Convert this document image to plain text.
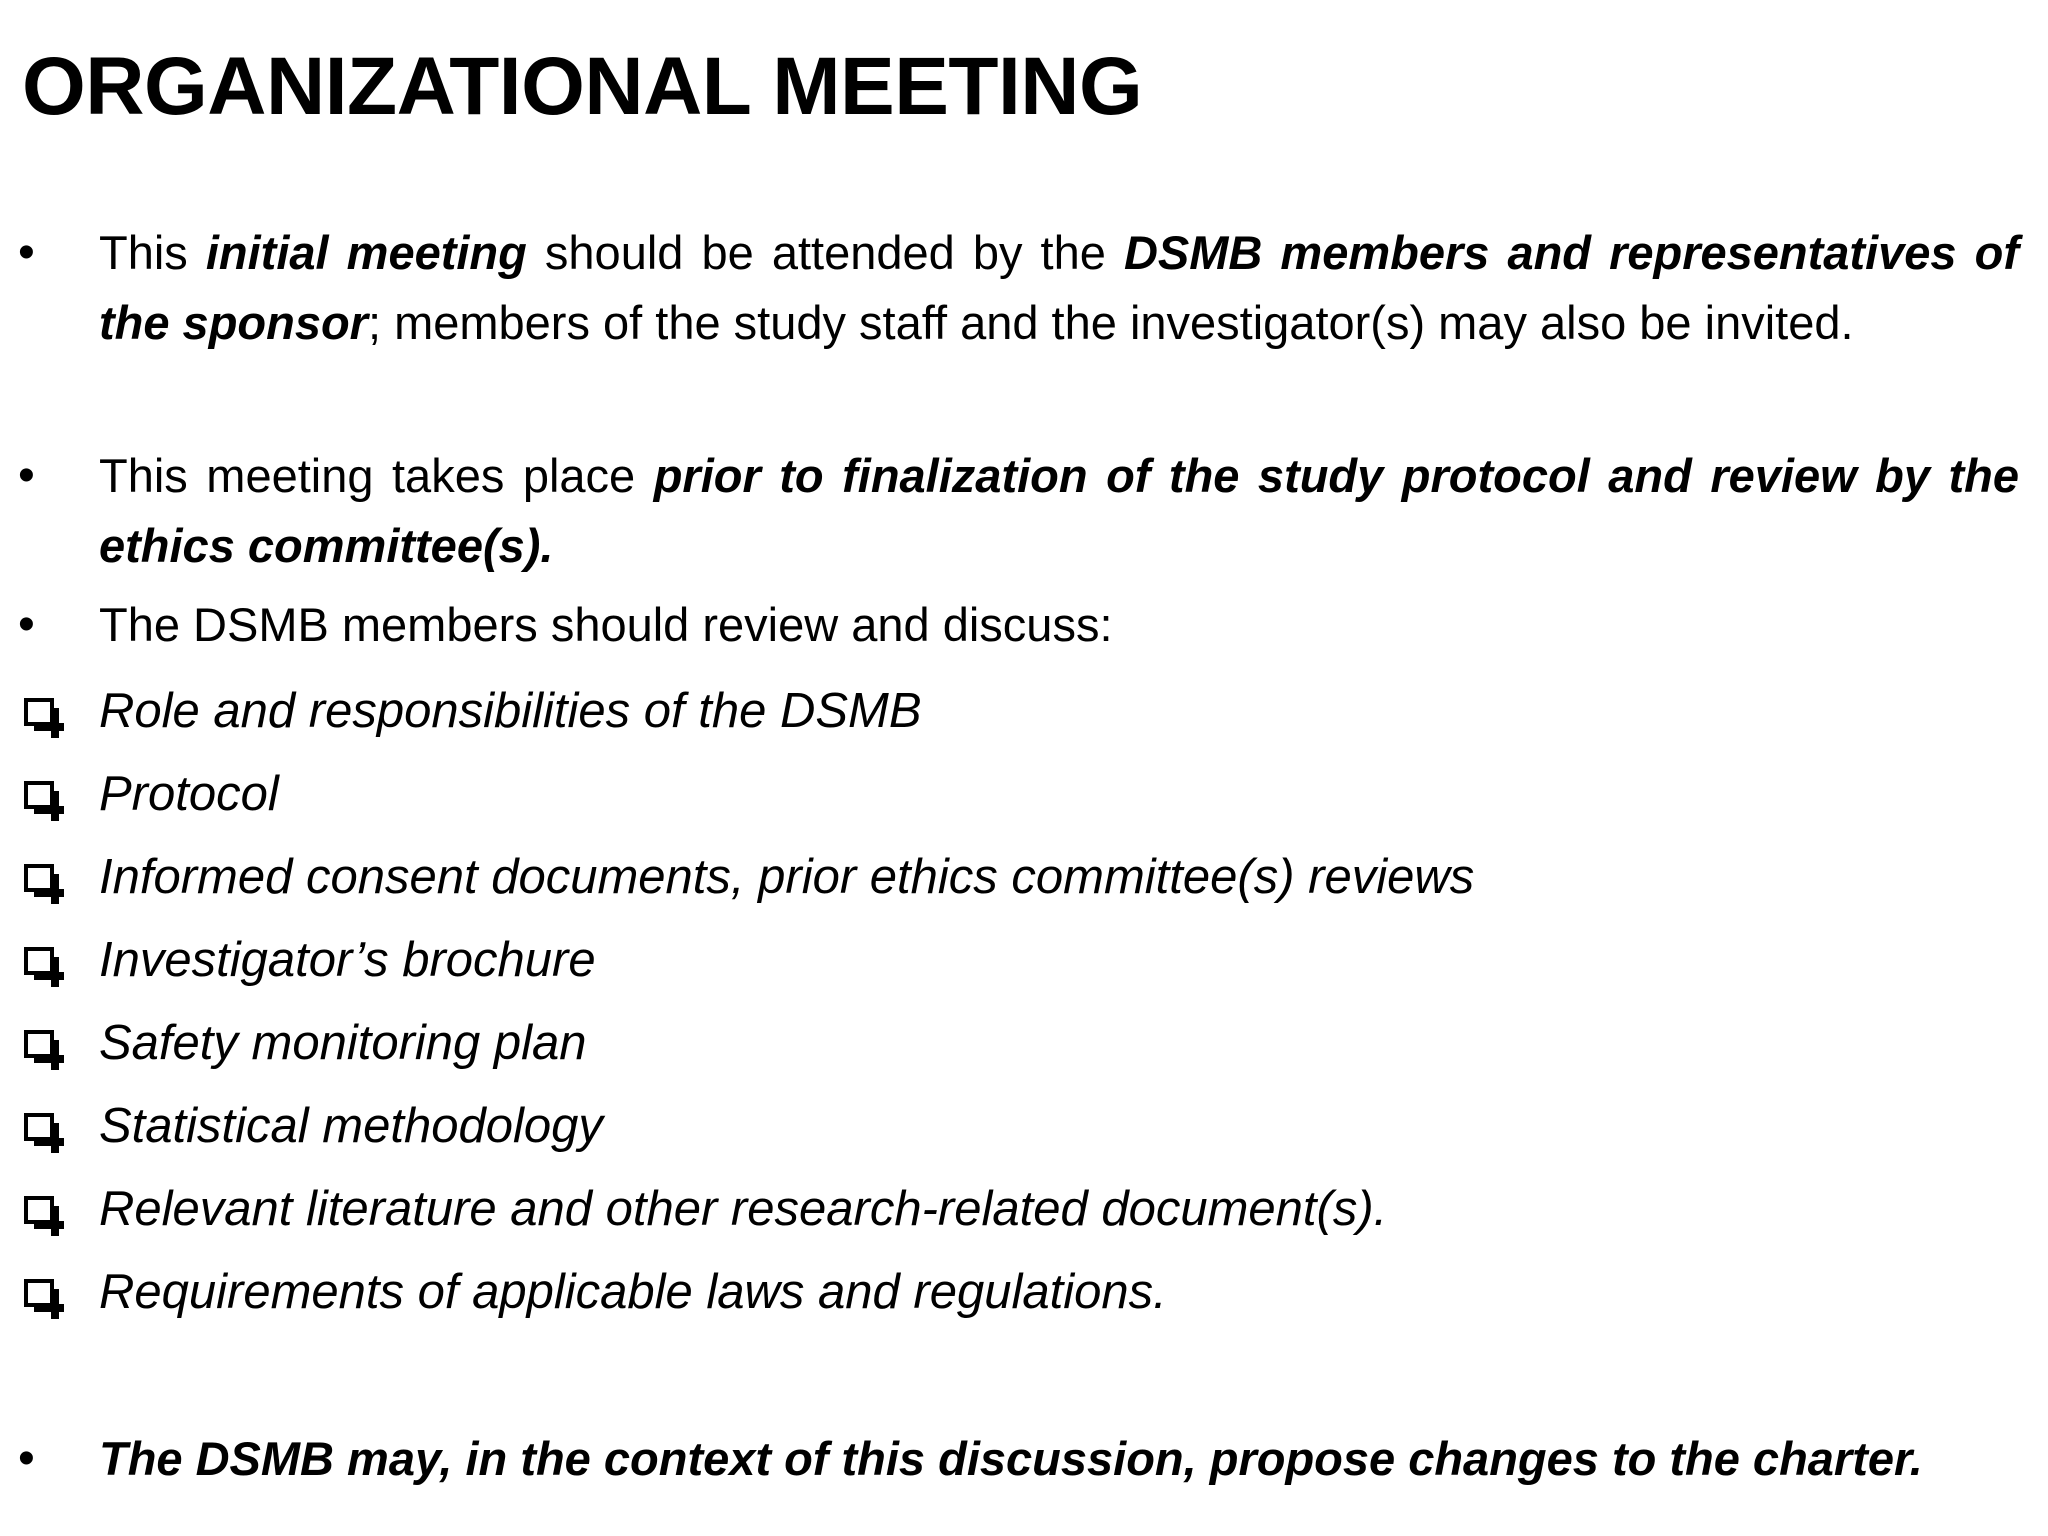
ORGANIZATIONAL MEETING
•	This initial meeting should be attended by the DSMB members and representatives of the sponsor; members of the study staff and the investigator(s) may also be invited.
•	This meeting takes place prior to finalization of the study protocol and review by the ethics committee(s).
•	The DSMB members should review and discuss:
Role and responsibilities of the DSMB
Protocol
Informed consent documents, prior ethics committee(s) reviews
Investigator’s brochure
Safety monitoring plan
Statistical methodology
Relevant literature and other research-related document(s).
Requirements of applicable laws and regulations.
•	The DSMB may, in the context of this discussion, propose changes to the charter.
